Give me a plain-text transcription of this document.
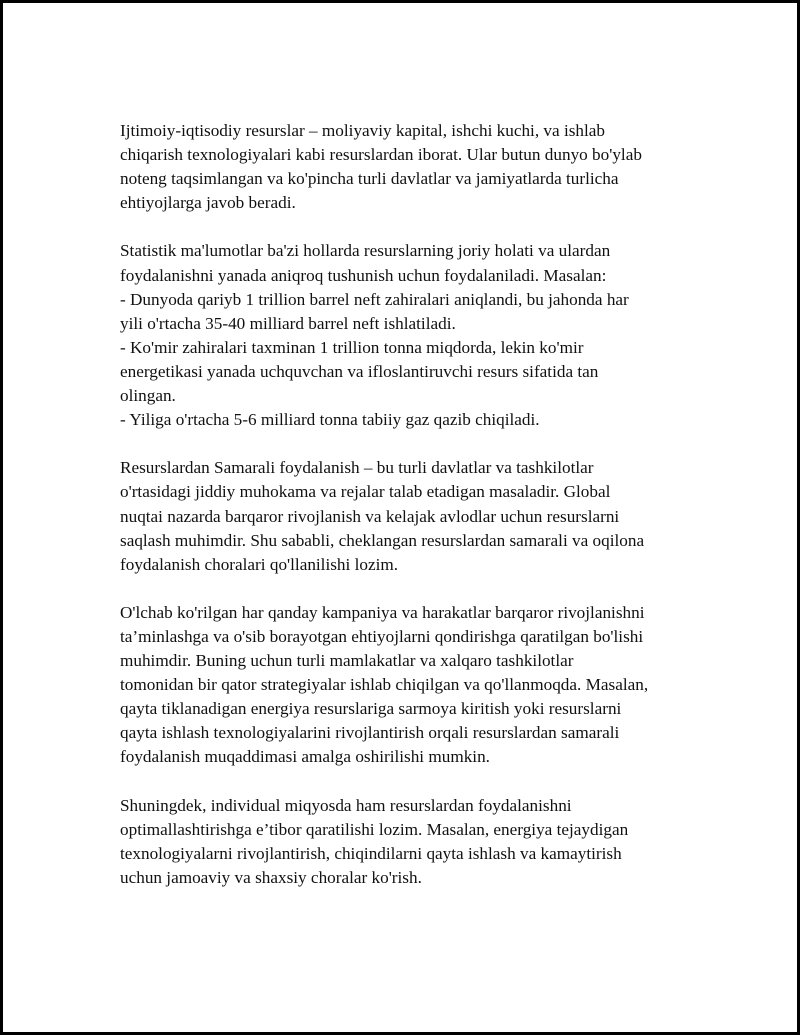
Ijtimoiy-iqtisodiy resurslar – moliyaviy kapital, ishchi kuchi, va ishlab
chiqarish texnologiyalari kabi resurslardan iborat. Ular butun dunyo bo'ylab
noteng taqsimlangan va ko'pincha turli davlatlar va jamiyatlarda turlicha
ehtiyojlarga javob beradi.

Statistik ma'lumotlar ba'zi hollarda resurslarning joriy holati va ulardan
foydalanishni yanada aniqroq tushunish uchun foydalaniladi. Masalan:
- Dunyoda qariyb 1 trillion barrel neft zahiralari aniqlandi, bu jahonda har
yili o'rtacha 35-40 milliard barrel neft ishlatiladi.
- Ko'mir zahiralari taxminan 1 trillion tonna miqdorda, lekin ko'mir
energetikasi yanada uchquvchan va ifloslantiruvchi resurs sifatida tan
olingan.
- Yiliga o'rtacha 5-6 milliard tonna tabiiy gaz qazib chiqiladi.

Resurslardan Samarali foydalanish – bu turli davlatlar va tashkilotlar
o'rtasidagi jiddiy muhokama va rejalar talab etadigan masaladir. Global
nuqtai nazarda barqaror rivojlanish va kelajak avlodlar uchun resurslarni
saqlash muhimdir. Shu sababli, cheklangan resurslardan samarali va oqilona
foydalanish choralari qo'llanilishi lozim.

O'lchab ko'rilgan har qanday kampaniya va harakatlar barqaror rivojlanishni
ta’minlashga va o'sib borayotgan ehtiyojlarni qondirishga qaratilgan bo'lishi
muhimdir. Buning uchun turli mamlakatlar va xalqaro tashkilotlar
tomonidan bir qator strategiyalar ishlab chiqilgan va qo'llanmoqda. Masalan,
qayta tiklanadigan energiya resurslariga sarmoya kiritish yoki resurslarni
qayta ishlash texnologiyalarini rivojlantirish orqali resurslardan samarali
foydalanish muqaddimasi amalga oshirilishi mumkin.

Shuningdek, individual miqyosda ham resurslardan foydalanishni
optimallashtirishga e’tibor qaratilishi lozim. Masalan, energiya tejaydigan
texnologiyalarni rivojlantirish, chiqindilarni qayta ishlash va kamaytirish
uchun jamoaviy va shaxsiy choralar ko'rish.
